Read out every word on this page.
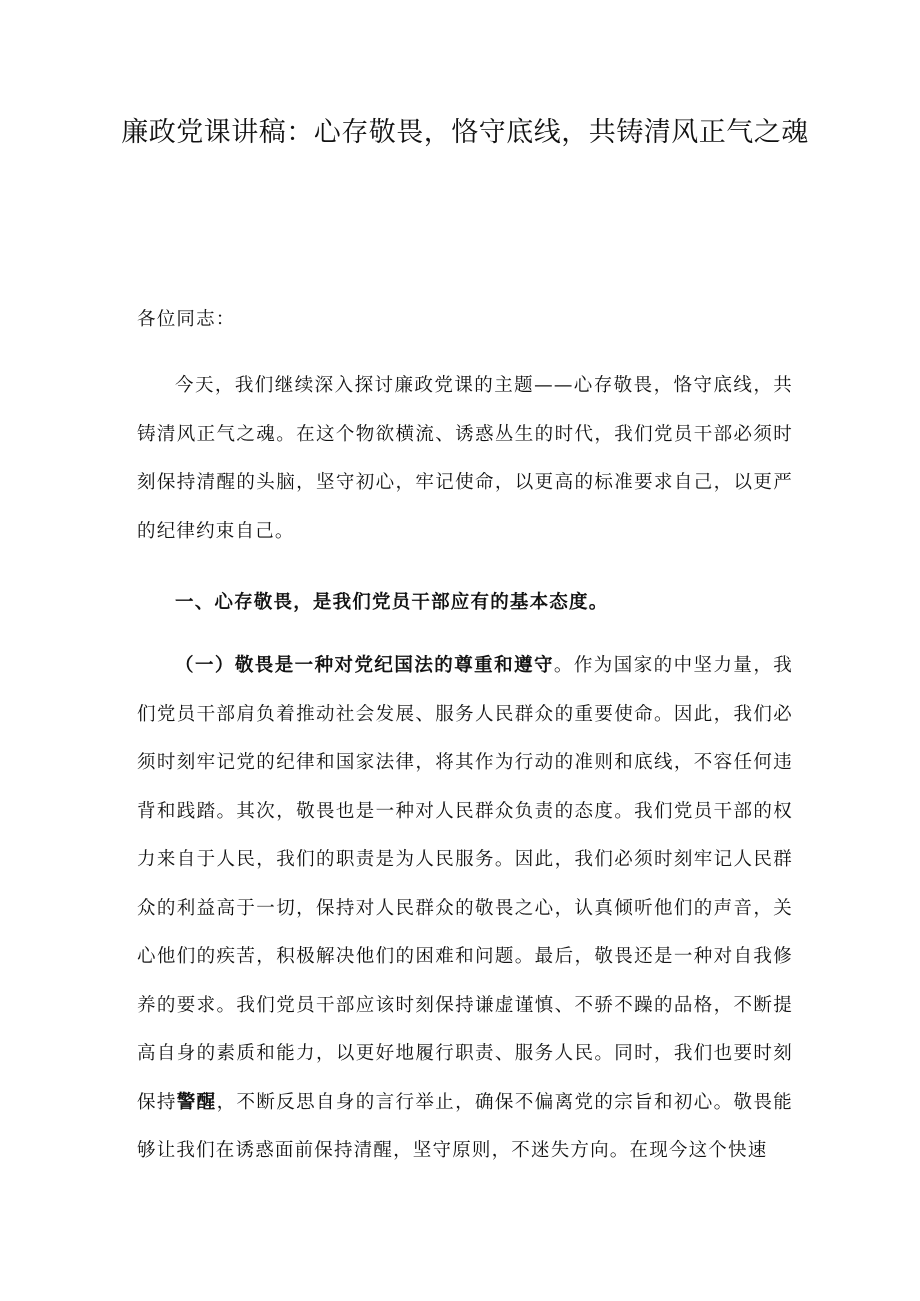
廉政党课讲稿：心存敬畏，恪守底线，共铸清风正气之魂

各位同志：

今天，我们继续深入探讨廉政党课的主题——心存敬畏，恪守底线，共铸清风正气之魂。在这个物欲横流、诱惑丛生的时代，我们党员干部必须时刻保持清醒的头脑，坚守初心，牢记使命，以更高的标准要求自己，以更严的纪律约束自己。

一、心存敬畏，是我们党员干部应有的基本态度。

（一）敬畏是一种对党纪国法的尊重和遵守。作为国家的中坚力量，我们党员干部肩负着推动社会发展、服务人民群众的重要使命。因此，我们必须时刻牢记党的纪律和国家法律，将其作为行动的准则和底线，不容任何违背和践踏。其次，敬畏也是一种对人民群众负责的态度。我们党员干部的权力来自于人民，我们的职责是为人民服务。因此，我们必须时刻牢记人民群众的利益高于一切，保持对人民群众的敬畏之心，认真倾听他们的声音，关心他们的疾苦，积极解决他们的困难和问题。最后，敬畏还是一种对自我修养的要求。我们党员干部应该时刻保持谦虚谨慎、不骄不躁的品格，不断提高自身的素质和能力，以更好地履行职责、服务人民。同时，我们也要时刻保持警醒，不断反思自身的言行举止，确保不偏离党的宗旨和初心。敬畏能够让我们在诱惑面前保持清醒，坚守原则，不迷失方向。在现今这个快速
